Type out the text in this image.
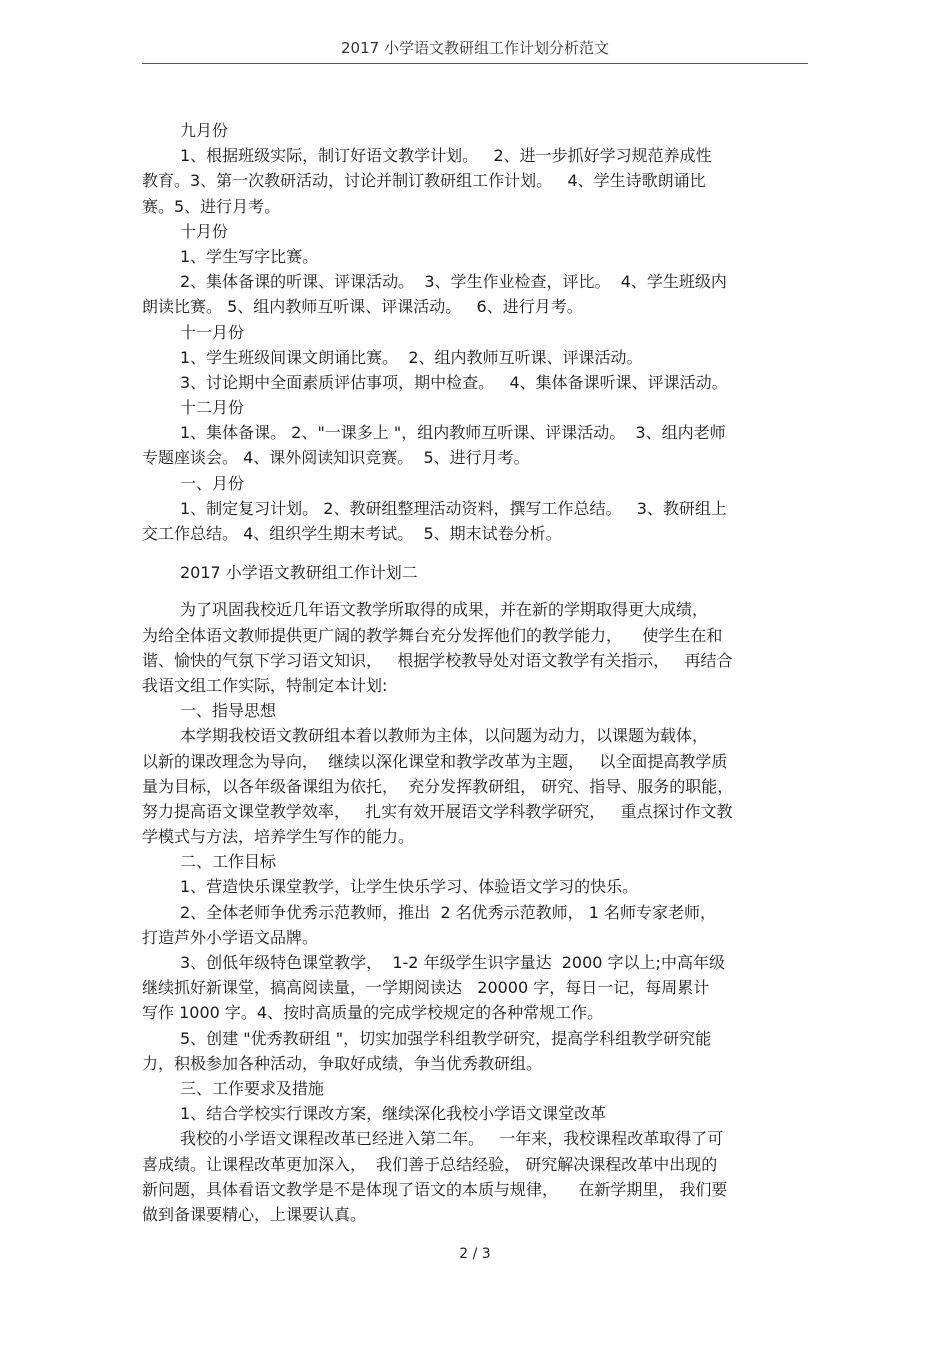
2017 小学语文教研组工作计划分析范文
九月份
1、根据班级实际，制订好语文教学计划。   2、进一步抓好学习规范养成性
教育。3、第一次教研活动，讨论并制订教研组工作计划。   4、学生诗歌朗诵比
赛。5、进行月考。
十月份
1、学生写字比赛。
2、集体备课的听课、评课活动。  3、学生作业检查，评比。  4、学生班级内
朗读比赛。 5、组内教师互听课、评课活动。   6、进行月考。
十一月份
1、学生班级间课文朗诵比赛。  2、组内教师互听课、评课活动。
3、讨论期中全面素质评估事项，期中检查。   4、集体备课听课、评课活动。
十二月份
1、集体备课。 2、"一课多上 "，组内教师互听课、评课活动。  3、组内老师
专题座谈会。 4、课外阅读知识竞赛。  5、进行月考。
一、月份
1、制定复习计划。 2、教研组整理活动资料，撰写工作总结。   3、教研组上
交工作总结。 4、组织学生期末考试。  5、期末试卷分析。
2017 小学语文教研组工作计划二
为了巩固我校近几年语文教学所取得的成果，并在新的学期取得更大成绩，
为给全体语文教师提供更广阔的教学舞台充分发挥他们的教学能力，    使学生在和
谐、愉快的气氛下学习语文知识，   根据学校教导处对语文教学有关指示，   再结合
我语文组工作实际，特制定本计划:
一、指导思想
本学期我校语文教研组本着以教师为主体，以问题为动力，以课题为载体，
以新的课改理念为导向，  继续以深化课堂和教学改革为主题，   以全面提高教学质
量为目标，以各年级备课组为依托，  充分发挥教研组， 研究、指导、服务的职能，
努力提高语文课堂教学效率，   扎实有效开展语文学科教学研究，   重点探讨作文教
学模式与方法，培养学生写作的能力。
二、工作目标
1、营造快乐课堂教学，让学生快乐学习、体验语文学习的快乐。
2、全体老师争优秀示范教师，推出  2 名优秀示范教师， 1 名师专家老师，
打造芦外小学语文品牌。
3、创低年级特色课堂教学，  1-2 年级学生识字量达  2000 字以上;中高年级
继续抓好新课堂，搞高阅读量，一学期阅读达   20000 字，每日一记，每周累计
写作 1000 字。4、按时高质量的完成学校规定的各种常规工作。
5、创建 "优秀教研组 "，切实加强学科组教学研究，提高学科组教学研究能
力，积极参加各种活动，争取好成绩，争当优秀教研组。
三、工作要求及措施
1、结合学校实行课改方案，继续深化我校小学语文课堂改革
我校的小学语文课程改革已经进入第二年。   一年来，我校课程改革取得了可
喜成绩。让课程改革更加深入，  我们善于总结经验， 研究解决课程改革中出现的
新问题，具体看语文教学是不是体现了语文的本质与规律，    在新学期里， 我们要
做到备课要精心，上课要认真。
2 / 3
